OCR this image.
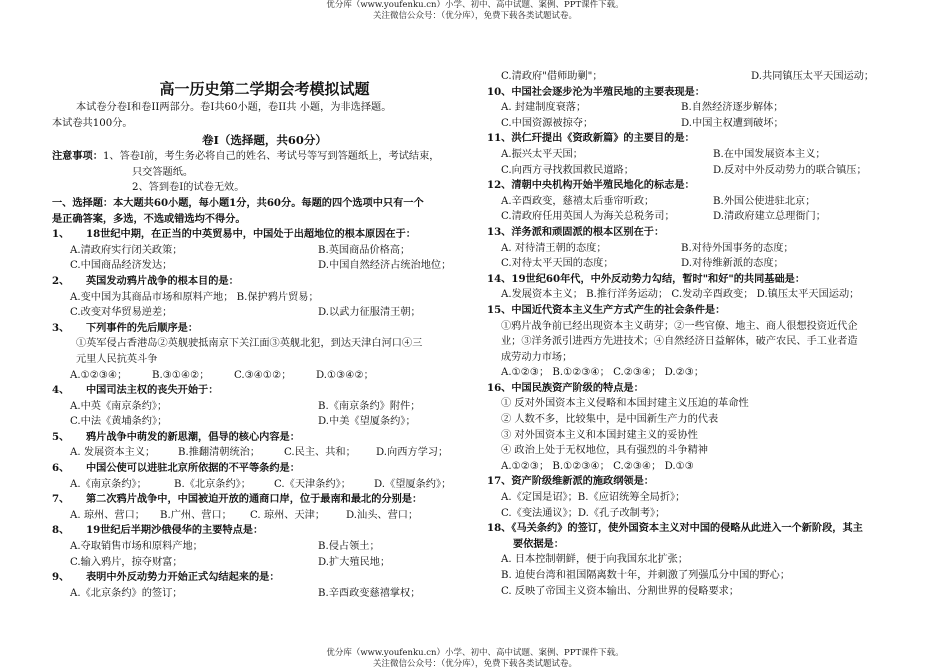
优分库（www.youfenku.cn）小学、初中、高中试题、案例、PPT课件下载。
关注微信公众号：（优分库），免费下载各类试题试卷。
高一历史第二学期会考模拟试题
本试卷分卷I和卷II两部分。卷I共60小题，卷II共 小题，为非选择题。
本试卷共100分。
卷Ⅰ（选择题，共60分）
注意事项：1、答卷I前，考生务必将自己的姓名、考试号等写到答题纸上，考试结束，
只交答题纸。
2、答到卷I的试卷无效。
一、选择题：本大题共60小题，每小题1分，共60分。每题的四个选项中只有一个
是正确答案，多选，不选或错选均不得分。
1、 18世纪中期，在正当的中英贸易中，中国处于出超地位的根本原因在于：
A.清政府实行闭关政策；	B.英国商品价格高；
C.中国商品经济发达；	D.中国自然经济占统治地位；
2、 英国发动鸦片战争的根本目的是：
A.变中国为其商品市场和原料产地； B.保护鸦片贸易；
C.改变对华贸易逆差；	D.以武力征服清王朝；
3、 下列事件的先后顺序是：
①英军侵占香港岛②英舰驶抵南京下关江面③英舰北犯，到达天津白河口④三
元里人民抗英斗争
A.①②③④；	B.③①④②；	C.③④①②；	D.①③④②；
4、 中国司法主权的丧失开始于：
A.中英《南京条约》；	B.《南京条约》附件；
C.中法《黄埔条约》；	D.中美《望厦条约》；
5、 鸦片战争中萌发的新思潮，倡导的核心内容是：
A. 发展资本主义；	B.推翻清朝统治；	C.民主、共和；	D.向西方学习；
6、 中国公使可以进驻北京所依据的不平等条约是：
A.《南京条约》；	B.《北京条约》；	C.《天津条约》；	D.《望厦条约》；
7、 第二次鸦片战争中，中国被迫开放的通商口岸，位于最南和最北的分别是：
A. 琼州、营口；	B.广州、营口；	C. 琼州、天津；	D.汕头、营口；
8、 19世纪后半期沙俄侵华的主要特点是：
A.夺取销售市场和原料产地；	B.侵占领土；
C.输入鸦片，掠夺财富；	D.扩大殖民地；
9、 表明中外反动势力开始正式勾结起来的是：
A.《北京条约》的签订；	B.辛酉政变慈禧掌权；
C.清政府"借师助剿"；	D.共同镇压太平天国运动；
10、中国社会逐步沦为半殖民地的主要表现是：
A. 封建制度衰落；	B.自然经济逐步解体；
C.中国资源被掠夺；	D.中国主权遭到破坏；
11、洪仁玕提出《资政新篇》的主要目的是：
A.振兴太平天国；	B.在中国发展资本主义；
C.向西方寻找救国救民道路；	D.反对中外反动势力的联合镇压；
12、清朝中央机构开始半殖民地化的标志是：
A.辛酉政变，慈禧太后垂帘听政；	B.外国公使进驻北京；
C.清政府任用英国人为海关总税务司；	D.清政府建立总理衙门；
13、洋务派和顽固派的根本区别在于：
A. 对待清王朝的态度；	B.对待外国事务的态度；
C.对待太平天国的态度；	D.对待维新派的态度；
14、19世纪60年代，中外反动势力勾结，暂时"和好"的共同基础是：
A.发展资本主义； B.推行洋务运动； C.发动辛酉政变； D.镇压太平天国运动；
15、中国近代资本主义生产方式产生的社会条件是：
①鸦片战争前已经出现资本主义萌芽；②一些官僚、地主、商人很想投资近代企
业；③洋务派引进西方先进技术；④自然经济日益解体，破产农民、手工业者造
成劳动力市场；
A.①②③； B.①②③④； C.②③④； D.②③；
16、中国民族资产阶级的特点是：
① 反对外国资本主义侵略和本国封建主义压迫的革命性
② 人数不多，比较集中，是中国新生产力的代表
③ 对外国资本主义和本国封建主义的妥协性
④ 政治上处于无权地位，具有强烈的斗争精神
A.①②③； B.①②③④； C.②③④； D.①③
17、资产阶级维新派的施政纲领是：
A.《定国是诏》；B.《应诏统筹全局折》；
C.《变法通议》；D.《孔子改制考》；
18、《马关条约》的签订，使外国资本主义对中国的侵略从此进入一个新阶段，其主
要依据是：
A. 日本控制朝鲜，便于向我国东北扩张；
B. 迫使台湾和祖国隔离数十年，并刺激了列强瓜分中国的野心；
C. 反映了帝国主义资本输出、分割世界的侵略要求；
优分库（www.youfenku.cn）小学、初中、高中试题、案例、PPT课件下载。
关注微信公众号：（优分库），免费下载各类试题试卷。
